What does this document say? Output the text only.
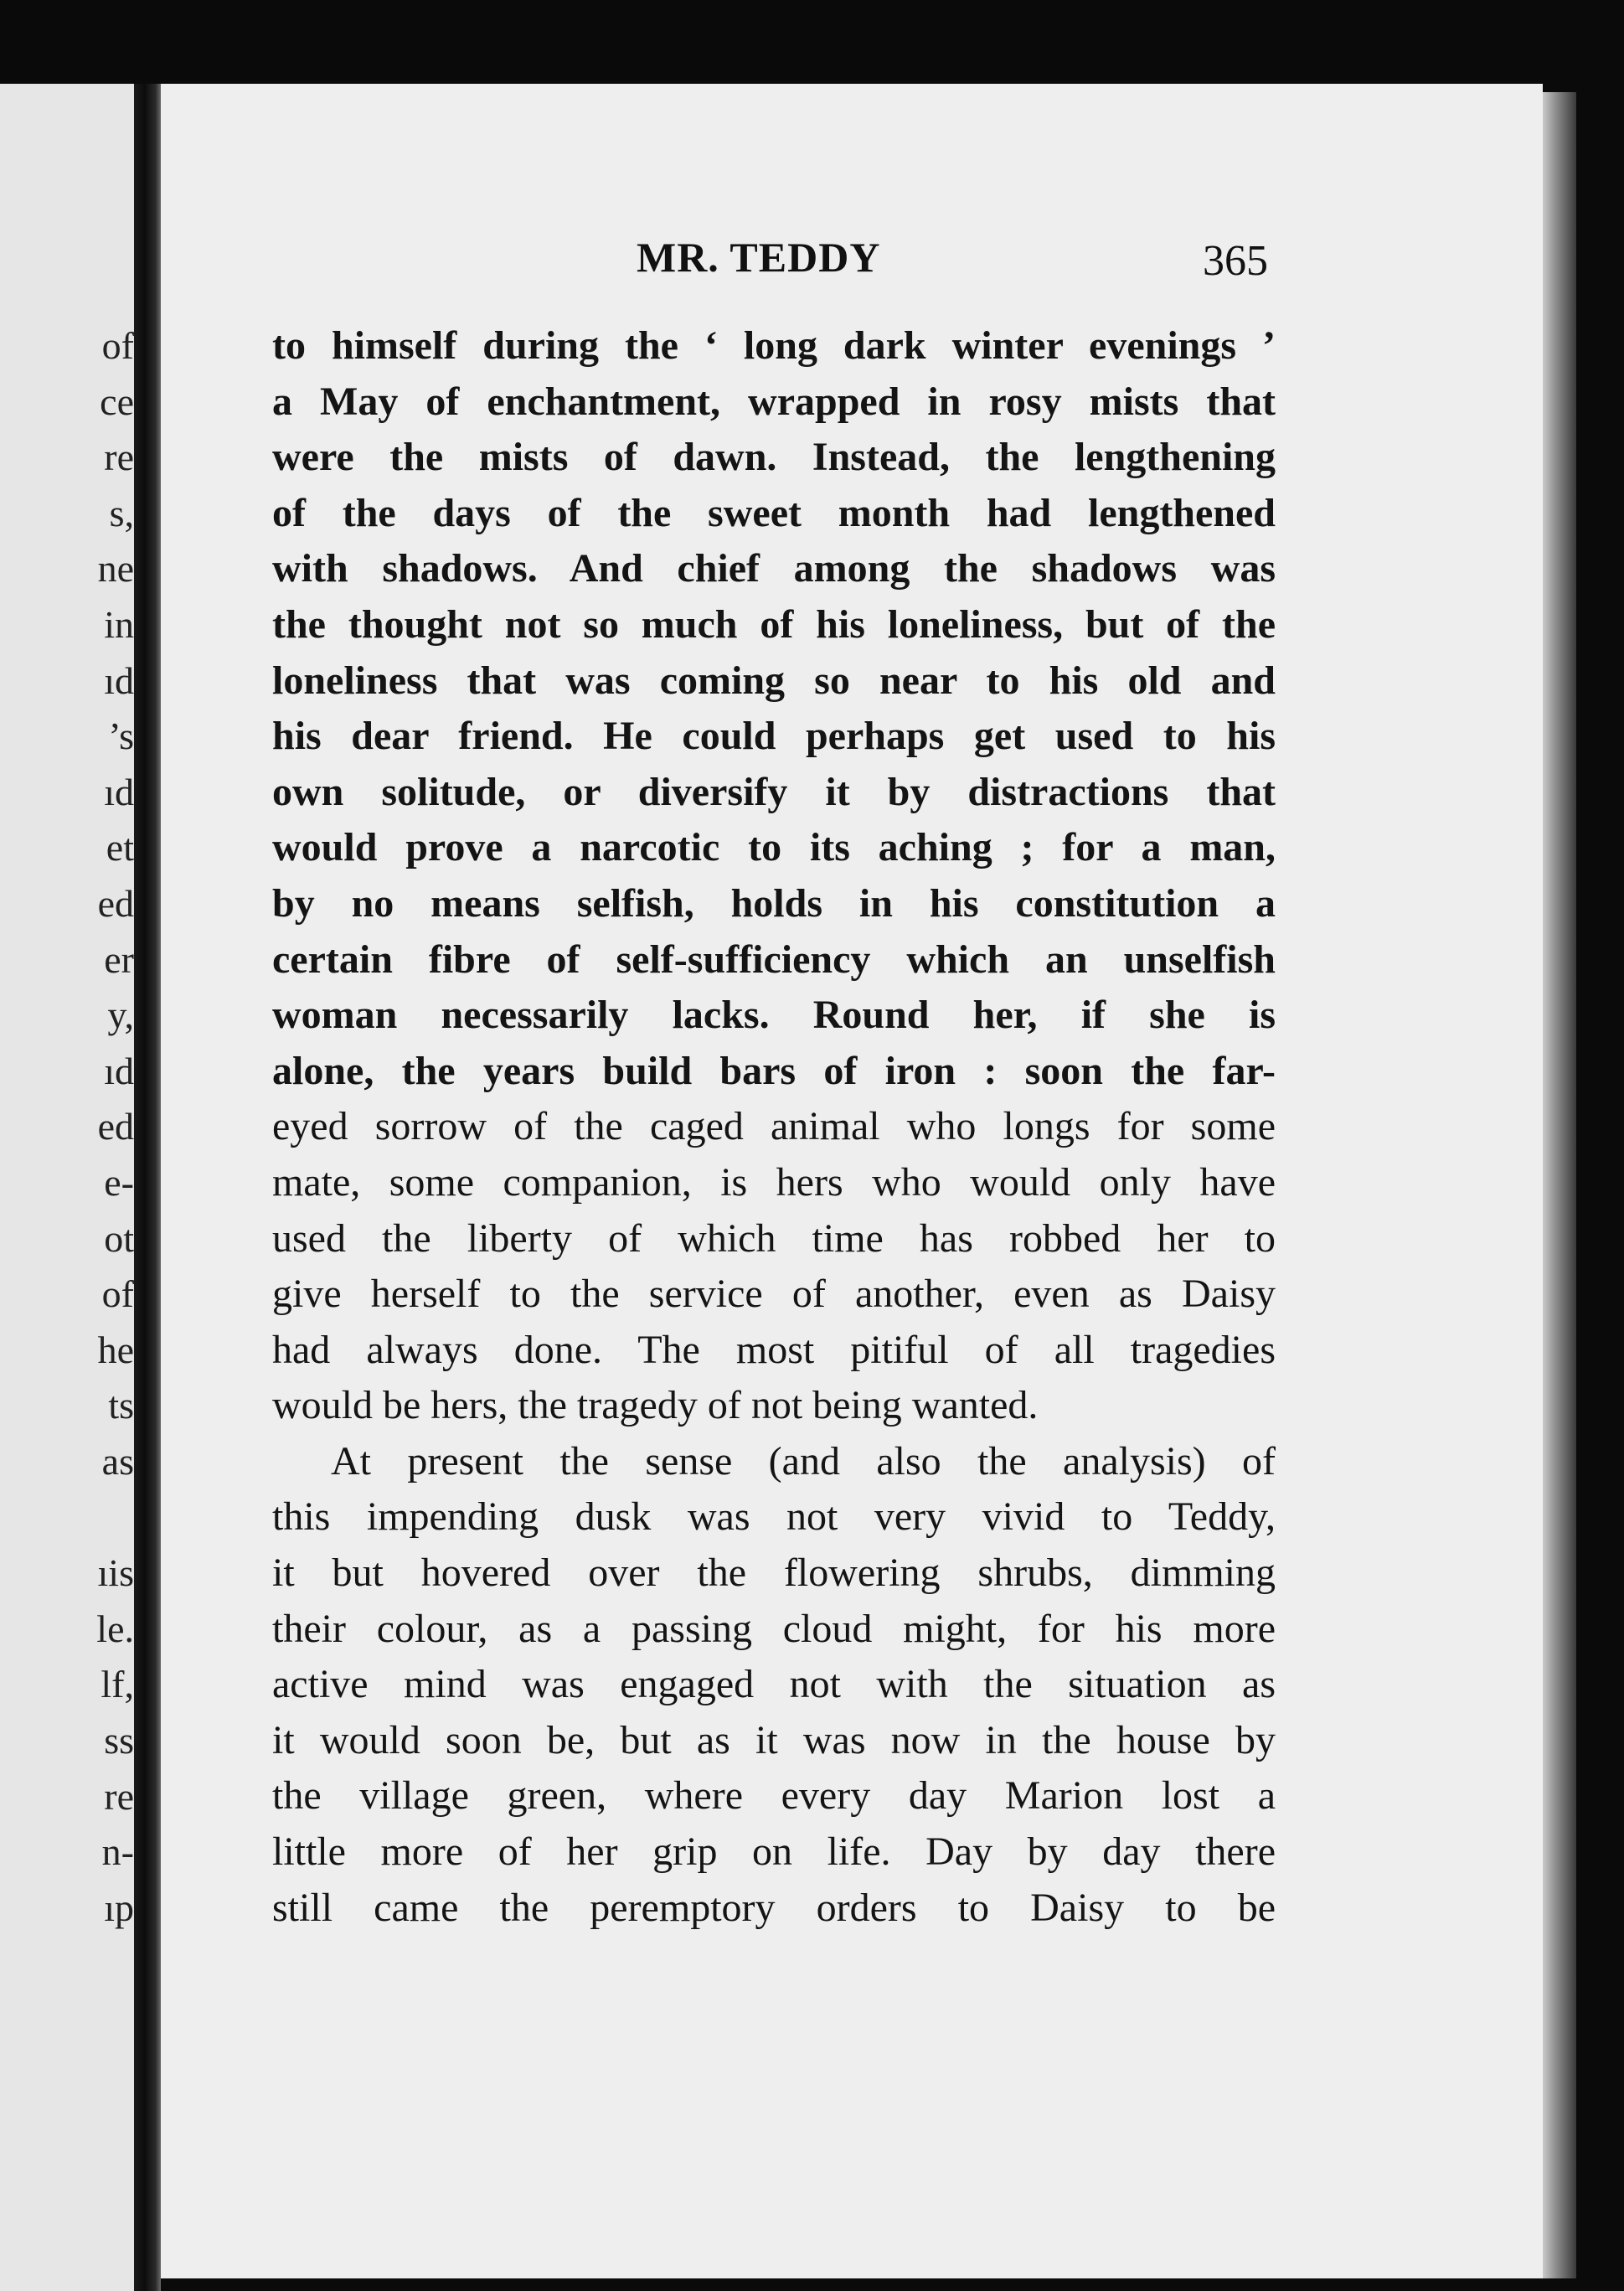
of
ce
re
s,
ne
in
ıd
’s
ıd
et
ed
er
y,
ıd
ed
e-
ot
of
he
ts
as
ıis
le.
lf,
ss
re
n-
ıp
MR. TEDDY	365
to himself during the ‘ long dark winter evenings ’
a May of enchantment, wrapped in rosy mists that
were the mists of dawn. Instead, the lengthening
of the days of the sweet month had lengthened
with shadows. And chief among the shadows was
the thought not so much of his loneliness, but of the
loneliness that was coming so near to his old and
his dear friend. He could perhaps get used to his
own solitude, or diversify it by distractions that
would prove a narcotic to its aching ; for a man,
by no means selfish, holds in his constitution a
certain fibre of self-sufficiency which an unselfish
woman necessarily lacks. Round her, if she is
alone, the years build bars of iron : soon the far-
eyed sorrow of the caged animal who longs for some
mate, some companion, is hers who would only have
used the liberty of which time has robbed her to
give herself to the service of another, even as Daisy
had always done. The most pitiful of all tragedies
would be hers, the tragedy of not being wanted.
At present the sense (and also the analysis) of
this impending dusk was not very vivid to Teddy,
it but hovered over the flowering shrubs, dimming
their colour, as a passing cloud might, for his more
active mind was engaged not with the situation as
it would soon be, but as it was now in the house by
the village green, where every day Marion lost a
little more of her grip on life. Day by day there
still came the peremptory orders to Daisy to be
